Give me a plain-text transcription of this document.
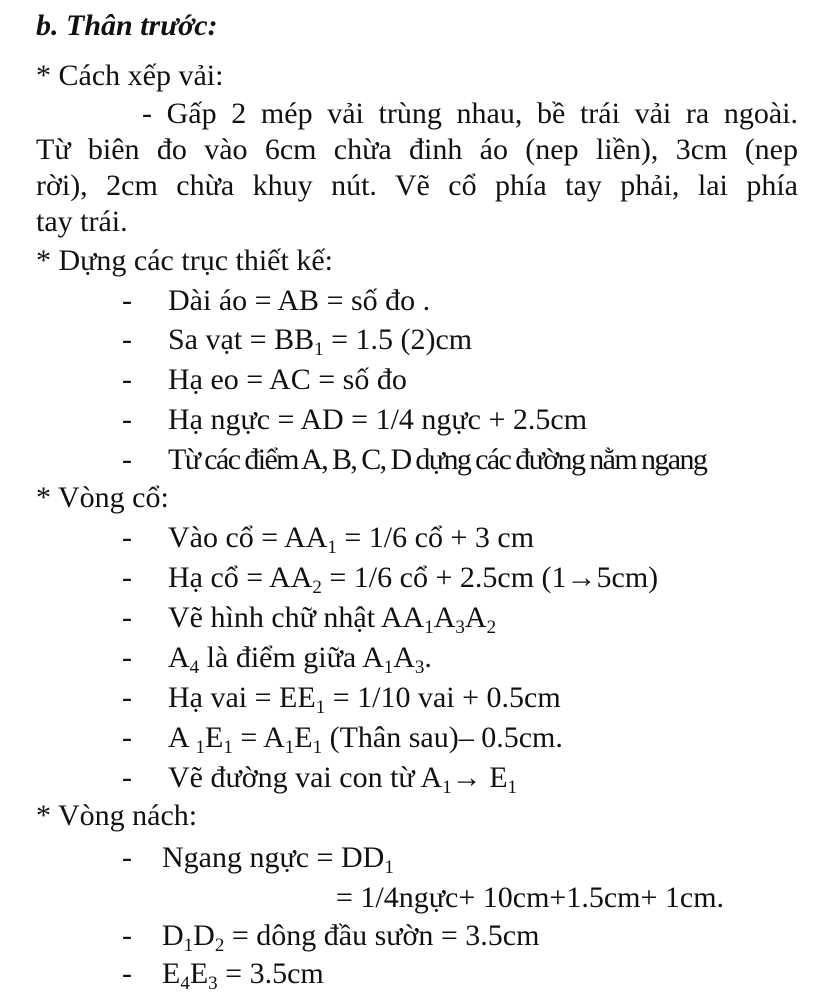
b. Thân trước:
* Cách xếp vải:
- Gấp 2 mép vải trùng nhau, bề trái vải ra ngoài.
Từ biên đo vào 6cm chừa đinh áo (nep liền), 3cm (nep
rời), 2cm chừa khuy nút. Vẽ cổ phía tay phải, lai phía
tay trái.
* Dựng các trục thiết kế:
- Dài áo = AB = số đo .
- Sa vạt = $BB_1 = 1.5$ (2)cm
- Hạ eo = AC = số đo
- Hạ ngực = AD = 1/4 ngực + 2.5cm
- Từ các điểm A, B, C, D dựng các đường nằm ngang
* Vòng cổ:
- Vào cổ = $AA_1 = 1/6$ cổ + 3 cm
- Hạ cổ = $AA_2 = 1/6$ cổ + 2.5cm (1→5cm)
- Vẽ hình chữ nhật $AA_1A_3A_2$
- $A_4$ là điểm giữa $A_1A_3$.
- Hạ vai = $EE_1 = 1/10$ vai + 0.5cm
- A $_1E_1 = A_1E_1$ (Thân sau)– 0.5cm.
- Vẽ đường vai con từ $A_1\to E_1$
* Vòng nách:
- Ngang ngực = $DD_1$
= 1/4ngực+ 10cm+1.5cm+ 1cm.
- $D_1D_2$ = dông đầu sườn = 3.5cm
- $E_4E_3 = 3.5cm$
